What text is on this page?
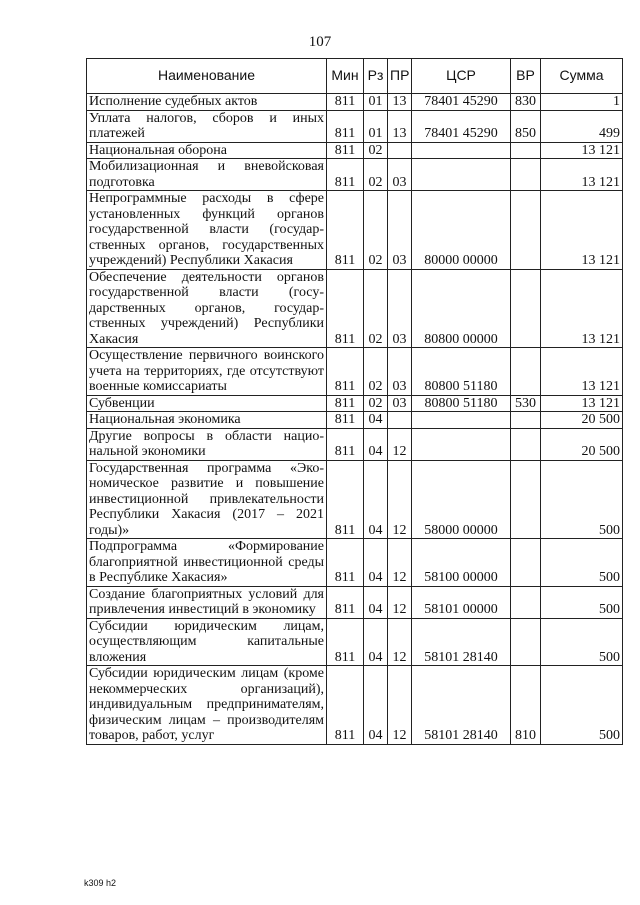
107
Наименование	Мин	Рз	ПР	ЦСР	ВР	Сумма
Исполнение судебных актов	811	01	13	78401 45290	830	1
Уплата налогов, сборов и иных платежей	811	01	13	78401 45290	850	499
Национальная оборона	811	02				13 121
Мобилизационная и вневойсковая подготовка	811	02	03			13 121
Непрограммные расходы в сфере установленных функций органов государственной власти (государственных органов, государственных учреждений) Республики Хакасия	811	02	03	80000 00000		13 121
Обеспечение деятельности органов государственной власти (государственных органов, государственных учреждений) Республики Хакасия	811	02	03	80800 00000		13 121
Осуществление первичного воинского учета на территориях, где отсутствуют военные комиссариаты	811	02	03	80800 51180		13 121
Субвенции	811	02	03	80800 51180	530	13 121
Национальная экономика	811	04				20 500
Другие вопросы в области национальной экономики	811	04	12			20 500
Государственная программа «Экономическое развитие и повышение инвестиционной привлекательности Республики Хакасия (2017 – 2021 годы)»	811	04	12	58000 00000		500
Подпрограмма «Формирование благоприятной инвестиционной среды в Республике Хакасия»	811	04	12	58100 00000		500
Создание благоприятных условий для привлечения инвестиций в экономику	811	04	12	58101 00000		500
Субсидии юридическим лицам, осуществляющим капитальные вложения	811	04	12	58101 28140		500
Субсидии юридическим лицам (кроме некоммерческих организаций), индивидуальным предпринимателям, физическим лицам – производителям товаров, работ, услуг	811	04	12	58101 28140	810	500
k309 h2
